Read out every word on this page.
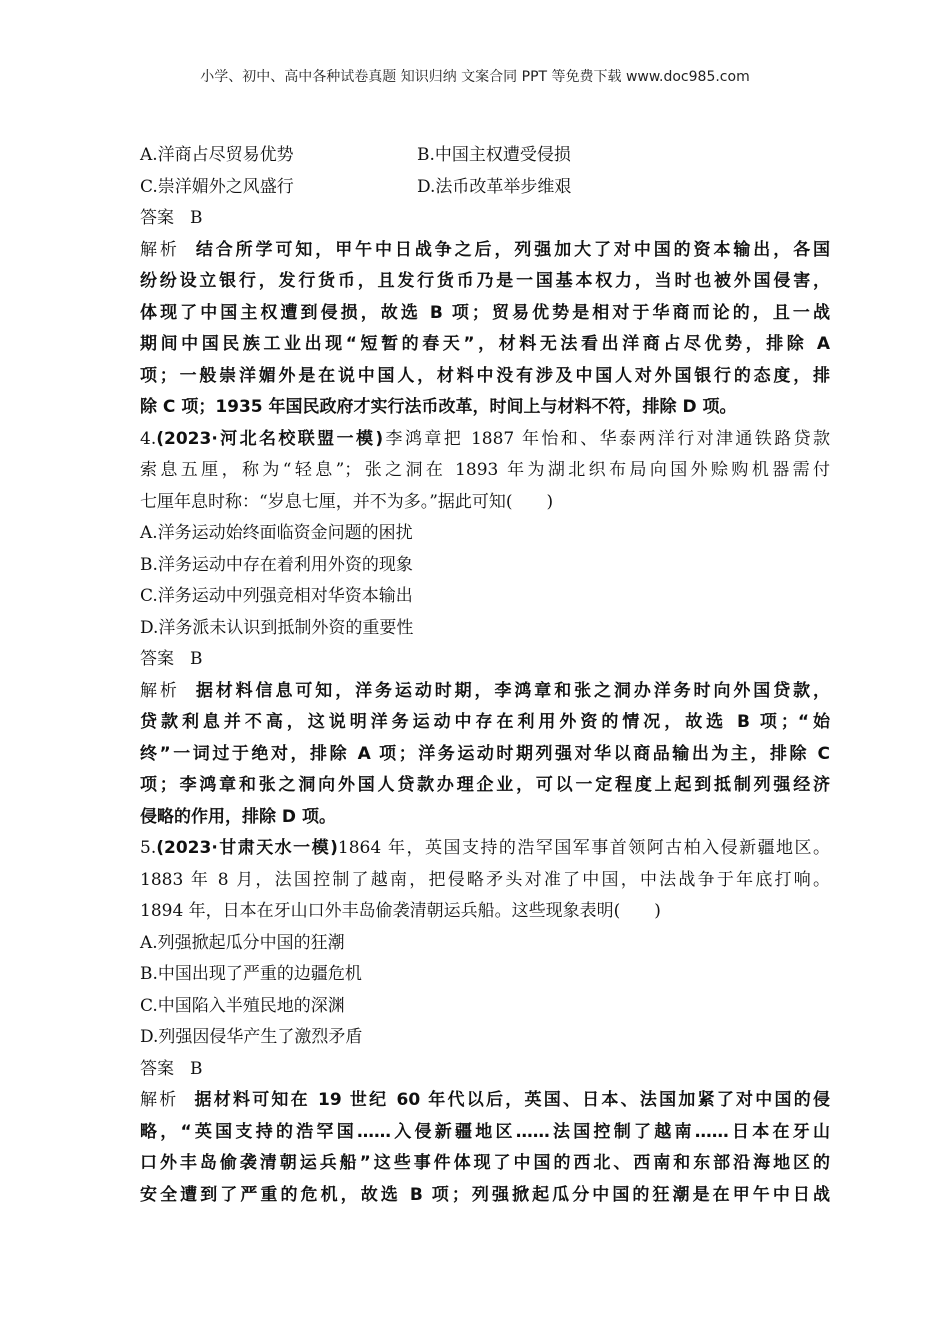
小学、初中、高中各种试卷真题 知识归纳 文案合同 PPT 等免费下载 www.doc985.com
A.洋商占尽贸易优势	B.中国主权遭受侵损
C.崇洋媚外之风盛行	D.法币改革举步维艰
答案 B
解析 结合所学可知，甲午中日战争之后，列强加大了对中国的资本输出，各国
纷纷设立银行，发行货币，且发行货币乃是一国基本权力，当时也被外国侵害，
体现了中国主权遭到侵损，故选 B 项；贸易优势是相对于华商而论的，且一战
期间中国民族工业出现“短暂的春天”，材料无法看出洋商占尽优势，排除 A
项；一般崇洋媚外是在说中国人，材料中没有涉及中国人对外国银行的态度，排
除 C 项；1935 年国民政府才实行法币改革，时间上与材料不符，排除 D 项。
4.(2023·河北名校联盟一模)李鸿章把 1887 年怡和、华泰两洋行对津通铁路贷款
索息五厘，称为“轻息”；张之洞在 1893 年为湖北织布局向国外赊购机器需付
七厘年息时称：“岁息七厘，并不为多。”据此可知(　　)
A.洋务运动始终面临资金问题的困扰
B.洋务运动中存在着利用外资的现象
C.洋务运动中列强竞相对华资本输出
D.洋务派未认识到抵制外资的重要性
答案 B
解析 据材料信息可知，洋务运动时期，李鸿章和张之洞办洋务时向外国贷款，
贷款利息并不高，这说明洋务运动中存在利用外资的情况，故选 B 项；“始
终”一词过于绝对，排除 A 项；洋务运动时期列强对华以商品输出为主，排除 C
项；李鸿章和张之洞向外国人贷款办理企业，可以一定程度上起到抵制列强经济
侵略的作用，排除 D 项。
5.(2023·甘肃天水一模)1864 年，英国支持的浩罕国军事首领阿古柏入侵新疆地区。
1883 年 8 月，法国控制了越南，把侵略矛头对准了中国，中法战争于年底打响。
1894 年，日本在牙山口外丰岛偷袭清朝运兵船。这些现象表明(　　)
A.列强掀起瓜分中国的狂潮
B.中国出现了严重的边疆危机
C.中国陷入半殖民地的深渊
D.列强因侵华产生了激烈矛盾
答案 B
解析 据材料可知在 19 世纪 60 年代以后，英国、日本、法国加紧了对中国的侵
略，“英国支持的浩罕国……入侵新疆地区……法国控制了越南……日本在牙山
口外丰岛偷袭清朝运兵船”这些事件体现了中国的西北、西南和东部沿海地区的
安全遭到了严重的危机，故选 B 项；列强掀起瓜分中国的狂潮是在甲午中日战
